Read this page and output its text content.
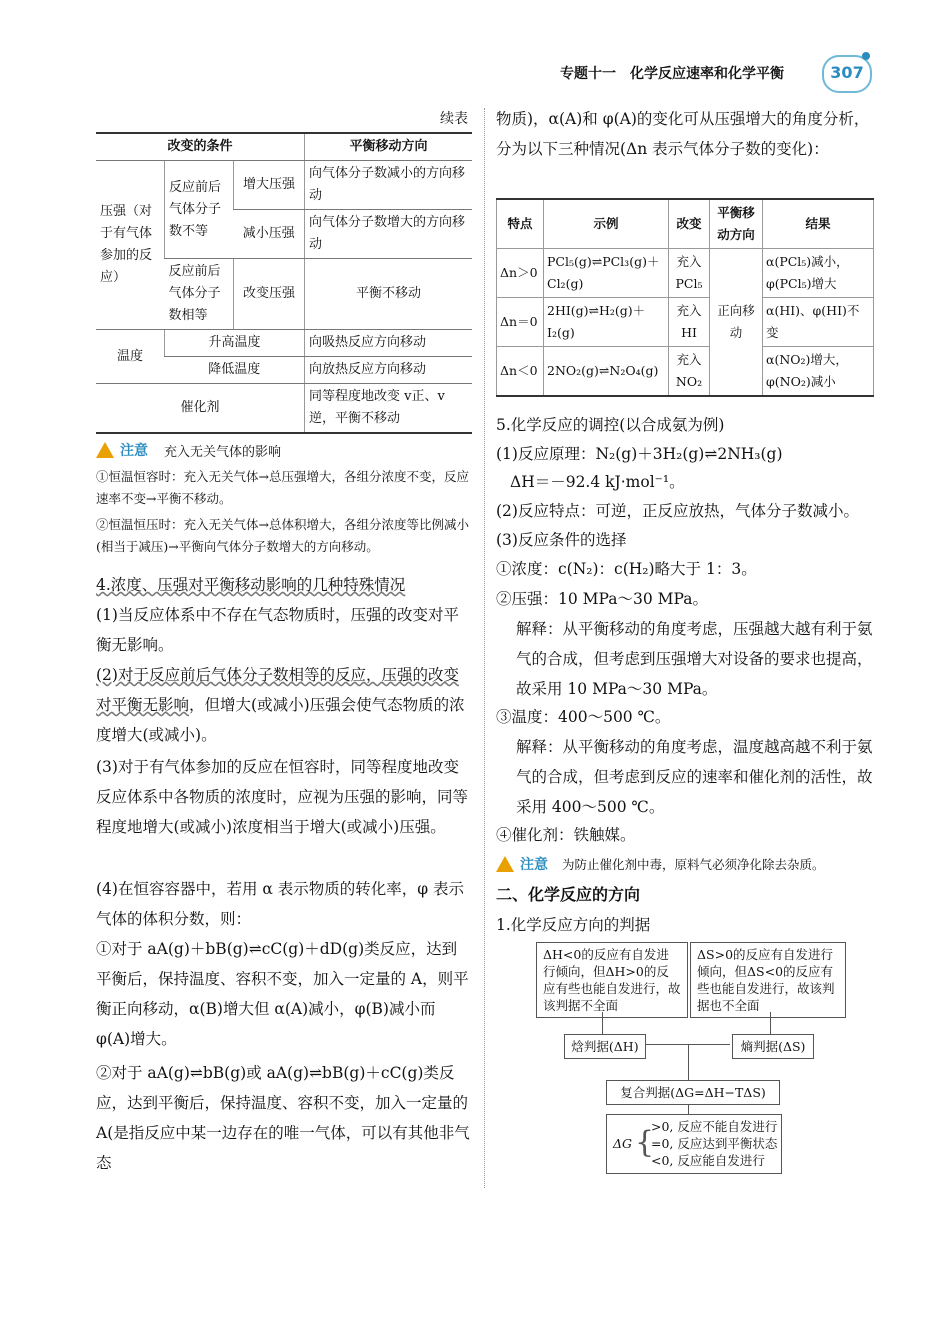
专题十一　化学反应速率和化学平衡	307
续表
改变的条件			平衡移动方向
压强（对于有气体参加的反应）	反应前后气体分子数不等	增大压强	向气体分子数减小的方向移动
		减小压强	向气体分子数增大的方向移动
	反应前后气体分子数相等	改变压强	平衡不移动
温度	升高温度		向吸热反应方向移动
	降低温度		向放热反应方向移动
催化剂			同等程度地改变 v正、v逆，平衡不移动
注意 充入无关气体的影响
①恒温恒容时：充入无关气体→总压强增大，各组分浓度不变，反应速率不变→平衡不移动。
②恒温恒压时：充入无关气体→总体积增大，各组分浓度等比例减小(相当于减压)→平衡向气体分子数增大的方向移动。
4.浓度、压强对平衡移动影响的几种特殊情况
(1)当反应体系中不存在气态物质时，压强的改变对平衡无影响。
(2)对于反应前后气体分子数相等的反应，压强的改变对平衡无影响，但增大(或减小)压强会使气态物质的浓度增大(或减小)。
(3)对于有气体参加的反应在恒容时，同等程度地改变反应体系中各物质的浓度时，应视为压强的影响，同等程度地增大(或减小)浓度相当于增大(或减小)压强。
(4)在恒容容器中，若用 α 表示物质的转化率，φ 表示气体的体积分数，则：
①对于 aA(g)＋bB(g)⇌cC(g)＋dD(g)类反应，达到平衡后，保持温度、容积不变，加入一定量的 A，则平衡正向移动，α(B)增大但 α(A)减小，φ(B)减小而 φ(A)增大。
②对于 aA(g)⇌bB(g)或 aA(g)⇌bB(g)＋cC(g)类反应，达到平衡后，保持温度、容积不变，加入一定量的 A(是指反应中某一边存在的唯一气体，可以有其他非气态
物质)，α(A)和 φ(A)的变化可从压强增大的角度分析，分为以下三种情况(Δn 表示气体分子数的变化)：
特点	示例	改变	平衡移动方向	结果
Δn＞0	PCl₅(g)⇌PCl₃(g)＋Cl₂(g)	充入PCl₅	正向移动	α(PCl₅)减小，φ(PCl₅)增大
Δn＝0	2HI(g)⇌H₂(g)＋I₂(g)	充入HI		α(HI)、φ(HI)不变
Δn＜0	2NO₂(g)⇌N₂O₄(g)	充入NO₂		α(NO₂)增大，φ(NO₂)减小
5.化学反应的调控(以合成氨为例)
(1)反应原理：N₂(g)＋3H₂(g)⇌2NH₃(g)
ΔH＝－92.4 kJ·mol⁻¹。
(2)反应特点：可逆，正反应放热，气体分子数减小。
(3)反应条件的选择
①浓度：c(N₂)：c(H₂)略大于 1：3。
②压强：10 MPa～30 MPa。
解释：从平衡移动的角度考虑，压强越大越有利于氨气的合成，但考虑到压强增大对设备的要求也提高，故采用 10 MPa～30 MPa。
③温度：400～500 ℃。
解释：从平衡移动的角度考虑，温度越高越不利于氨气的合成，但考虑到反应的速率和催化剂的活性，故采用 400～500 ℃。
④催化剂：铁触媒。
注意 为防止催化剂中毒，原料气必须净化除去杂质。
二、化学反应的方向
1.化学反应方向的判据
ΔH<0的反应有自发进行倾向，但ΔH>0的反应有些也能自发进行，故该判据不全面
ΔS>0的反应有自发进行倾向，但ΔS<0的反应有些也能自发进行，故该判据也不全面
焓判据(ΔH)	熵判据(ΔS)
复合判据(ΔG=ΔH−TΔS)
ΔG {
>0, 反应不能自发进行
=0, 反应达到平衡状态
<0, 反应能自发进行
